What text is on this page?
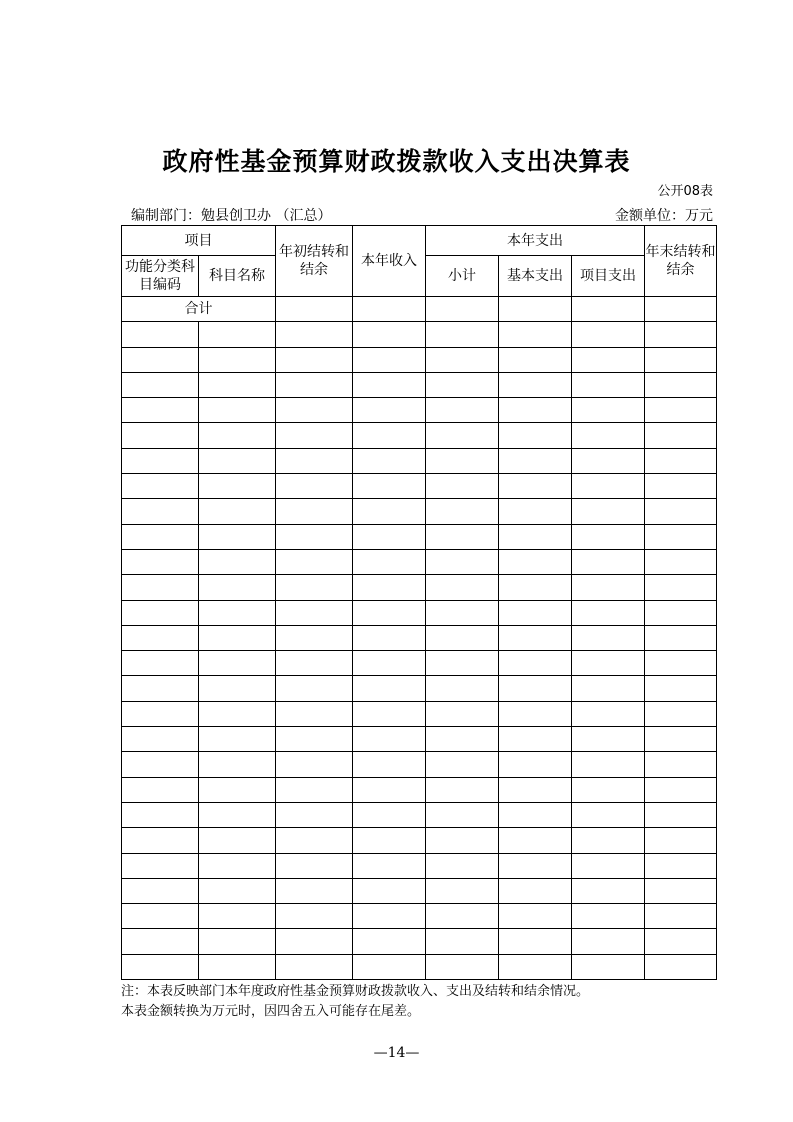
政府性基金预算财政拨款收入支出决算表
公开08表
编制部门：勉县创卫办 （汇总）	金额单位：万元
项目		年初结转和结余	本年收入	本年支出			年末结转和结余
功能分类科目编码	科目名称			小计	基本支出	项目支出	
合计							

注：本表反映部门本年度政府性基金预算财政拨款收入、支出及结转和结余情况。
本表金额转换为万元时，因四舍五入可能存在尾差。
—14—
